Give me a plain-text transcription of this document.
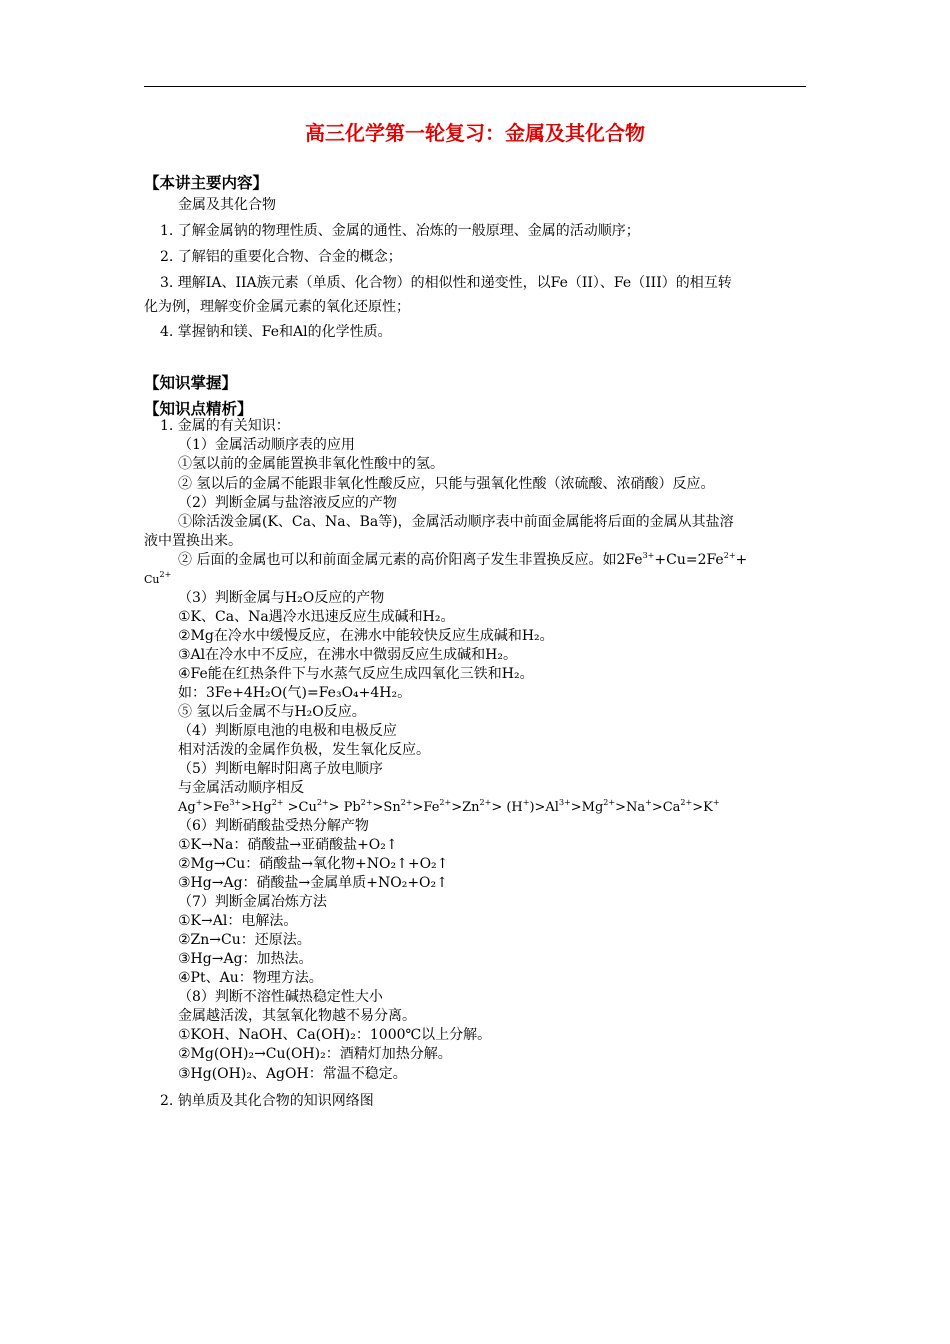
高三化学第一轮复习：金属及其化合物
【本讲主要内容】
金属及其化合物
1. 了解金属钠的物理性质、金属的通性、冶炼的一般原理、金属的活动顺序；
2. 了解铝的重要化合物、合金的概念；
3. 理解IA、IIA族元素（单质、化合物）的相似性和递变性，以Fe（II）、Fe（III）的相互转
化为例，理解变价金属元素的氧化还原性；
4. 掌握钠和镁、Fe和Al的化学性质。
【知识掌握】
【知识点精析】
1. 金属的有关知识：
（1）金属活动顺序表的应用
①氢以前的金属能置换非氧化性酸中的氢。
② 氢以后的金属不能跟非氧化性酸反应，只能与强氧化性酸（浓硫酸、浓硝酸）反应。
（2）判断金属与盐溶液反应的产物
①除活泼金属(K、Ca、Na、Ba等)，金属活动顺序表中前面金属能将后面的金属从其盐溶
液中置换出来。
② 后面的金属也可以和前面金属元素的高价阳离子发生非置换反应。如$2Fe^{3+}+Cu=2Fe^{2+}+$
$Cu^{2+}$
（3）判断金属与H₂O反应的产物
①K、Ca、Na遇冷水迅速反应生成碱和H₂。
②Mg在冷水中缓慢反应，在沸水中能较快反应生成碱和H₂。
③Al在冷水中不反应，在沸水中微弱反应生成碱和H₂。
④Fe能在红热条件下与水蒸气反应生成四氧化三铁和H₂。
如：3Fe+4H₂O(气)=Fe₃O₄+4H₂。
⑤ 氢以后金属不与H₂O反应。
（4）判断原电池的电极和电极反应
相对活泼的金属作负极，发生氧化反应。
（5）判断电解时阳离子放电顺序
与金属活动顺序相反
$Ag^+>Fe^{3+}>Hg^{2+} >Cu^{2+}> Pb^{2+}>Sn^{2+}>Fe^{2+}>Zn^{2+}> (H^+)>Al^{3+}>Mg^{2+}>Na^+>Ca^{2+}>K^+$
（6）判断硝酸盐受热分解产物
①K→Na：硝酸盐→亚硝酸盐+O₂↑
②Mg→Cu：硝酸盐→氧化物+NO₂↑+O₂↑
③Hg→Ag：硝酸盐→金属单质+NO₂+O₂↑
（7）判断金属冶炼方法
①K→Al：电解法。
②Zn→Cu：还原法。
③Hg→Ag：加热法。
④Pt、Au：物理方法。
（8）判断不溶性碱热稳定性大小
金属越活泼，其氢氧化物越不易分离。
①KOH、NaOH、Ca(OH)₂：1000℃以上分解。
②Mg(OH)₂→Cu(OH)₂：酒精灯加热分解。
③Hg(OH)₂、AgOH：常温不稳定。
2. 钠单质及其化合物的知识网络图
